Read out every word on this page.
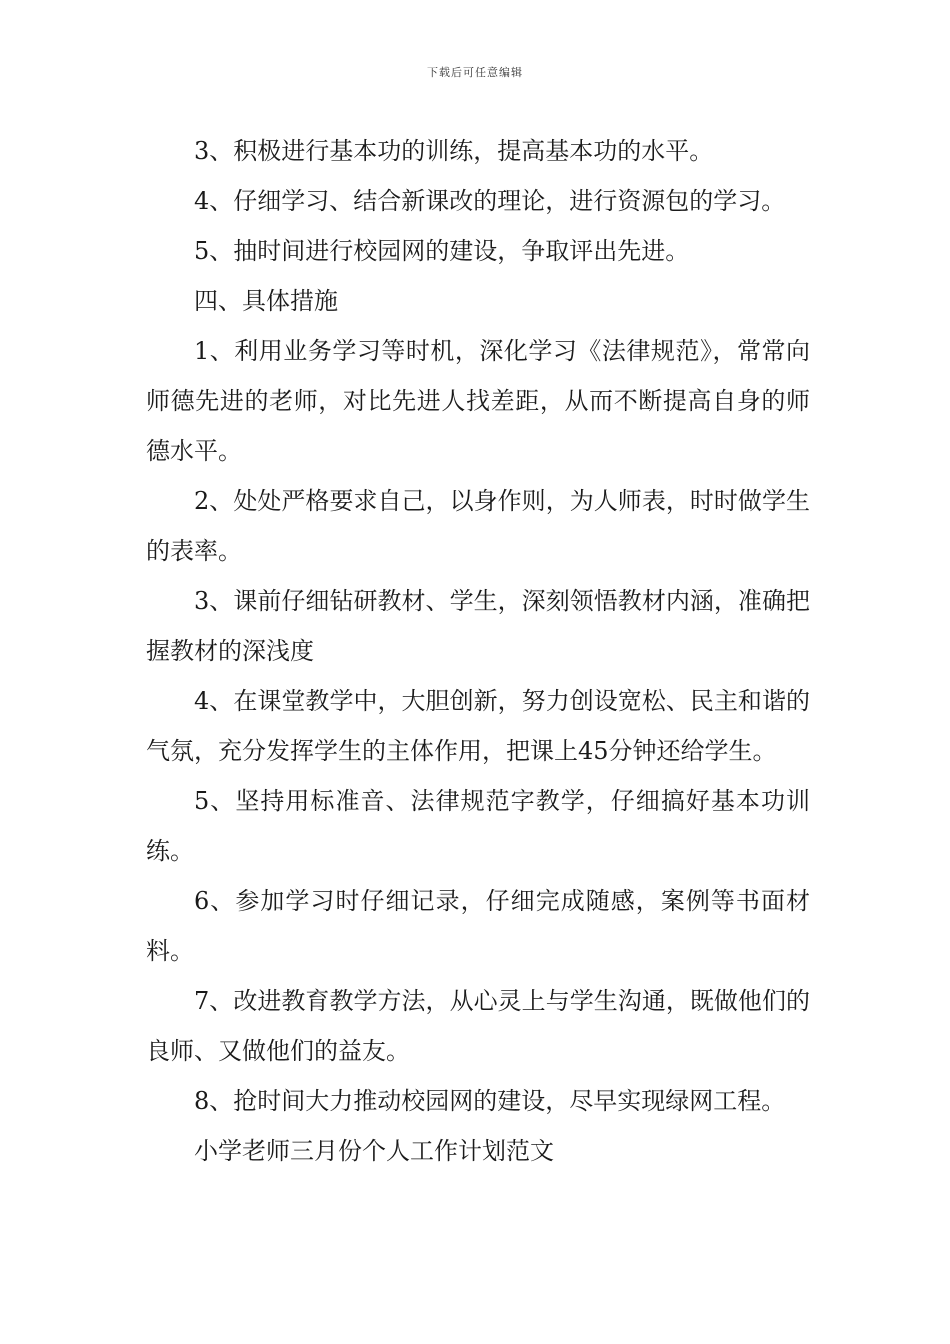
下载后可任意编辑

3、积极进行基本功的训练，提高基本功的水平。

4、仔细学习、结合新课改的理论，进行资源包的学习。

5、抽时间进行校园网的建设，争取评出先进。

四、具体措施

1、利用业务学习等时机，深化学习《法律规范》，常常向师德先进的老师，对比先进人找差距，从而不断提高自身的师德水平。

2、处处严格要求自己，以身作则，为人师表，时时做学生的表率。

3、课前仔细钻研教材、学生，深刻领悟教材内涵，准确把握教材的深浅度

4、在课堂教学中，大胆创新，努力创设宽松、民主和谐的气氛，充分发挥学生的主体作用，把课上45分钟还给学生。

5、坚持用标准音、法律规范字教学，仔细搞好基本功训练。

6、参加学习时仔细记录，仔细完成随感，案例等书面材料。

7、改进教育教学方法，从心灵上与学生沟通，既做他们的良师、又做他们的益友。

8、抢时间大力推动校园网的建设，尽早实现绿网工程。

小学老师三月份个人工作计划范文
